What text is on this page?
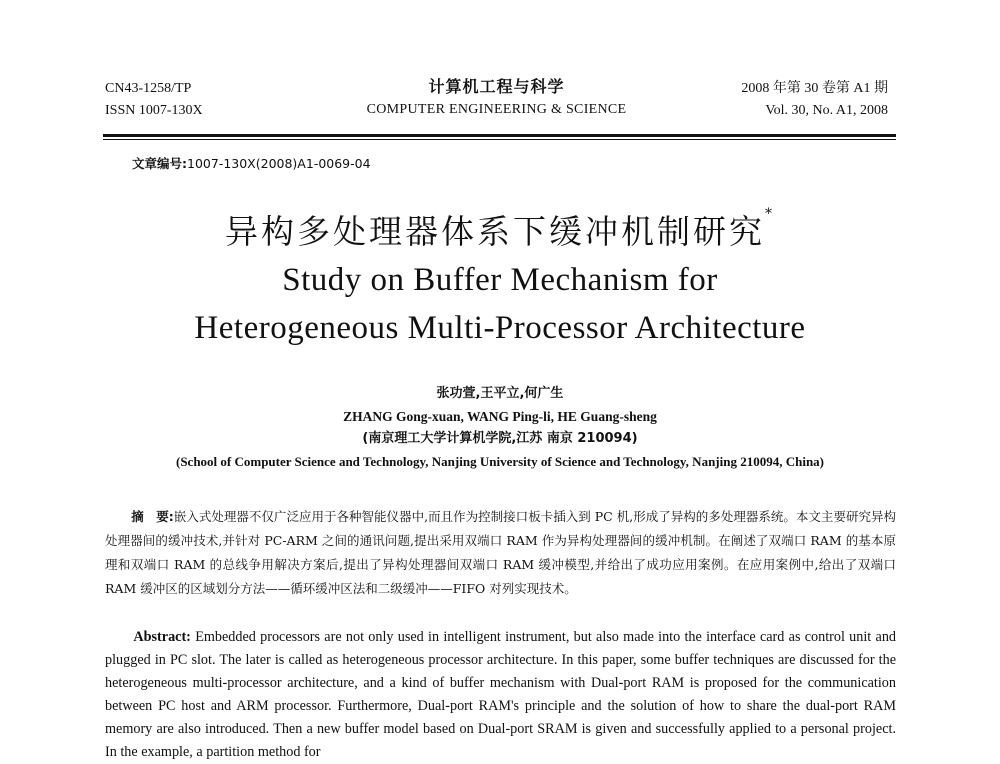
CN43-1258/TP
ISSN 1007-130X
计算机工程与科学
COMPUTER ENGINEERING & SCIENCE
2008 年第 30 卷第 A1 期
Vol. 30, No. A1, 2008
文章编号:1007-130X(2008)A1-0069-04
异构多处理器体系下缓冲机制研究*
Study on Buffer Mechanism for
Heterogeneous Multi-Processor Architecture
张功萱,王平立,何广生
ZHANG Gong-xuan, WANG Ping-li, HE Guang-sheng
(南京理工大学计算机学院,江苏 南京 210094)
(School of Computer Science and Technology, Nanjing University of Science and Technology, Nanjing 210094, China)
摘　要:嵌入式处理器不仅广泛应用于各种智能仪器中,而且作为控制接口板卡插入到 PC 机,形成了异构的多处理器系统。本文主要研究异构处理器间的缓冲技术,并针对 PC-ARM 之间的通讯问题,提出采用双端口 RAM 作为异构处理器间的缓冲机制。在阐述了双端口 RAM 的基本原理和双端口 RAM 的总线争用解决方案后,提出了异构处理器间双端口 RAM 缓冲模型,并给出了成功应用案例。在应用案例中,给出了双端口 RAM 缓冲区的区域划分方法——循环缓冲区法和二级缓冲——FIFO 对列实现技术。
Abstract: Embedded processors are not only used in intelligent instrument, but also made into the interface card as control unit and plugged in PC slot. The later is called as heterogeneous processor architecture. In this paper, some buffer techniques are discussed for the heterogeneous multi-processor architecture, and a kind of buffer mechanism with Dual-port RAM is proposed for the communication between PC host and ARM processor. Furthermore, Dual-port RAM's principle and the solution of how to share the dual-port RAM memory are also introduced. Then a new buffer model based on Dual-port SRAM is given and successfully applied to a personal project. In the example, a partition method for
